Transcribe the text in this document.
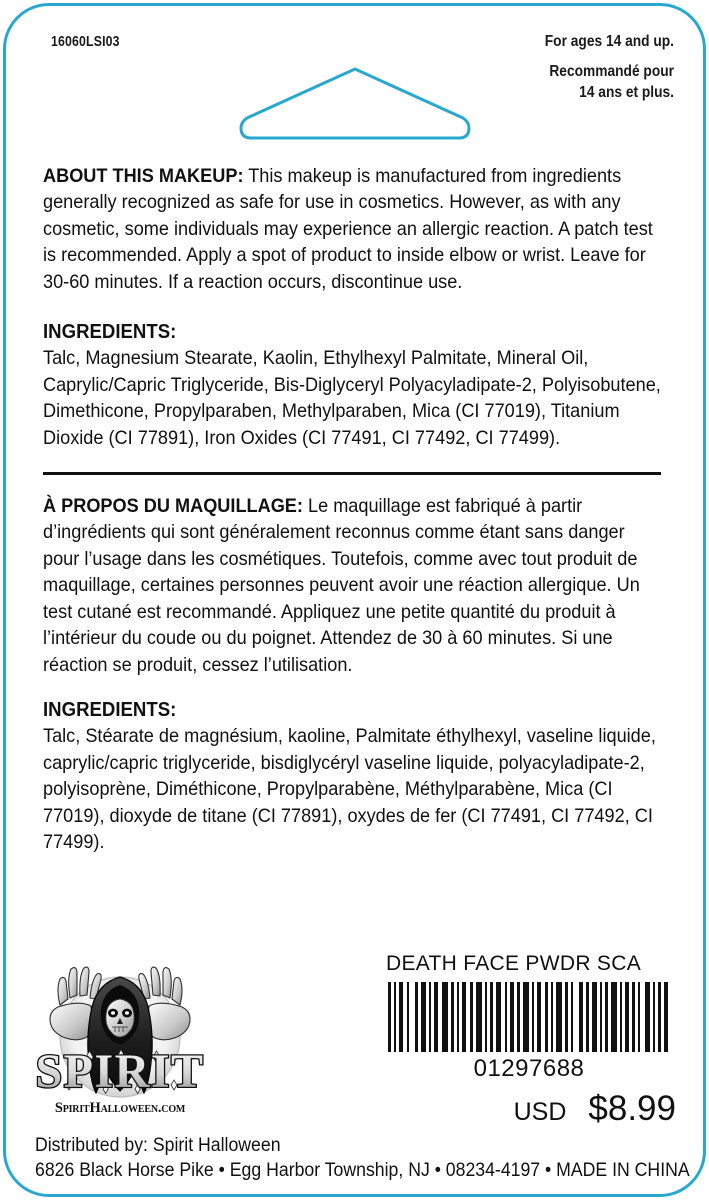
16060LSI03	For ages 14 and up.
Recommandé pour
14 ans et plus.
ABOUT THIS MAKEUP: This makeup is manufactured from ingredients generally recognized as safe for use in cosmetics. However, as with any cosmetic, some individuals may experience an allergic reaction. A patch test is recommended. Apply a spot of product to inside elbow or wrist. Leave for 30-60 minutes. If a reaction occurs, discontinue use.
INGREDIENTS:
Talc, Magnesium Stearate, Kaolin, Ethylhexyl Palmitate, Mineral Oil, Caprylic/Capric Triglyceride, Bis-Diglyceryl Polyacyladipate-2, Polyisobutene, Dimethicone, Propylparaben, Methylparaben, Mica (CI 77019), Titanium Dioxide (CI 77891), Iron Oxides (CI 77491, CI 77492, CI 77499).
À PROPOS DU MAQUILLAGE: Le maquillage est fabriqué à partir d’ingrédients qui sont généralement reconnus comme étant sans danger pour l’usage dans les cosmétiques. Toutefois, comme avec tout produit de maquillage, certaines personnes peuvent avoir une réaction allergique. Un test cutané est recommandé. Appliquez une petite quantité du produit à l’intérieur du coude ou du poignet. Attendez de 30 à 60 minutes. Si une réaction se produit, cessez l’utilisation.
INGREDIENTS:
Talc, Stéarate de magnésium, kaoline, Palmitate éthylhexyl, vaseline liquide, caprylic/capric triglyceride, bisdiglycéryl vaseline liquide, polyacyladipate-2, polyisoprène, Diméthicone, Propylparabène, Méthylparabène, Mica (CI 77019), dioxyde de titane (CI 77891), oxydes de fer (CI 77491, CI 77492, CI 77499).
SPIRIT
SpiritHalloween.com
DEATH FACE PWDR SCA
01297688
USD $8.99
Distributed by: Spirit Halloween
6826 Black Horse Pike • Egg Harbor Township, NJ • 08234-4197 • MADE IN CHINA
